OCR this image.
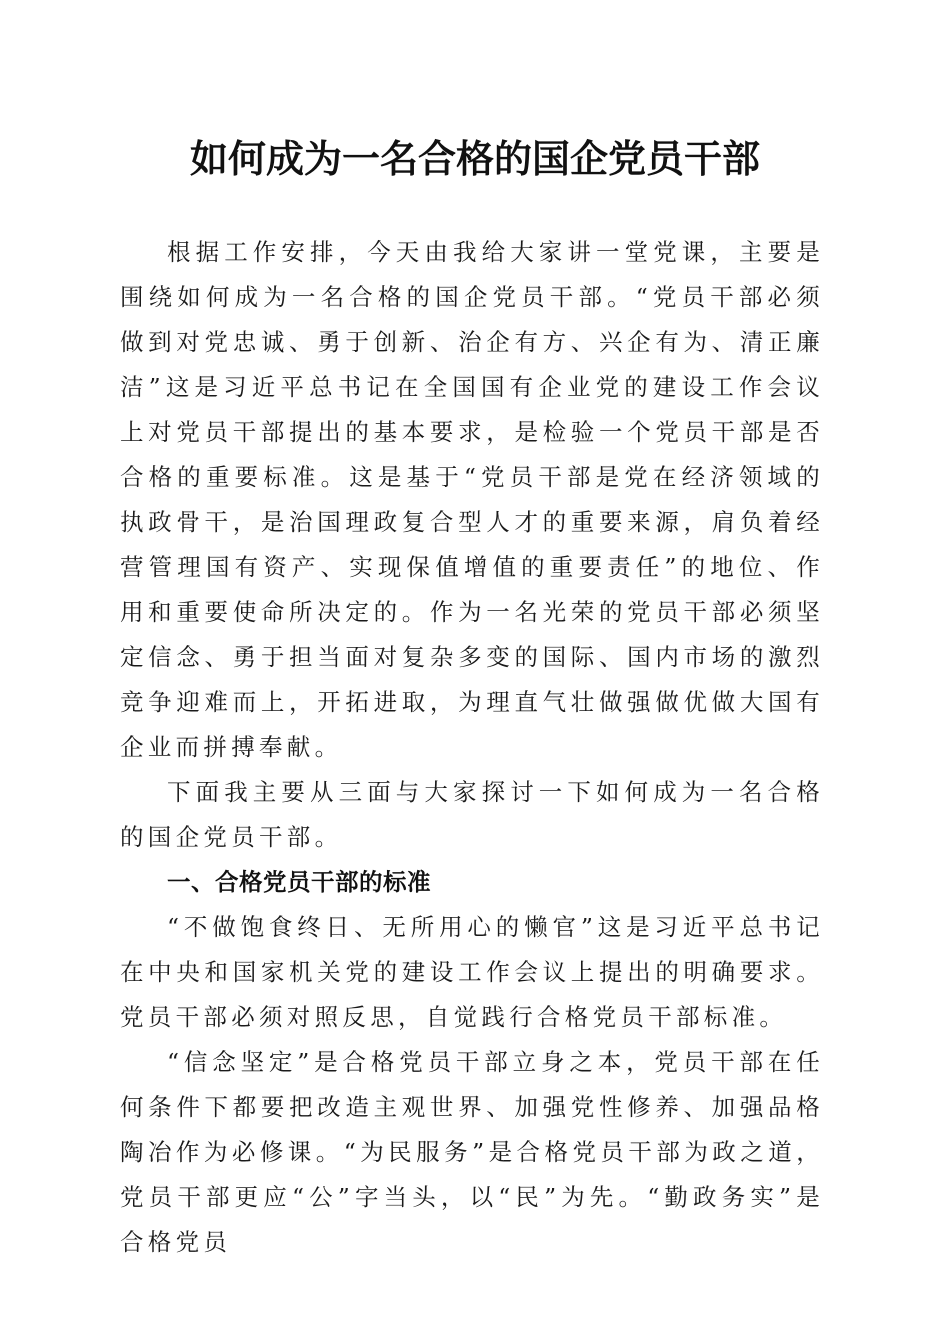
如何成为一名合格的国企党员干部

根据工作安排，今天由我给大家讲一堂党课，主要是围绕如何成为一名合格的国企党员干部。“党员干部必须做到对党忠诚、勇于创新、治企有方、兴企有为、清正廉洁”这是习近平总书记在全国国有企业党的建设工作会议上对党员干部提出的基本要求，是检验一个党员干部是否合格的重要标准。这是基于“党员干部是党在经济领域的执政骨干，是治国理政复合型人才的重要来源，肩负着经营管理国有资产、实现保值增值的重要责任”的地位、作用和重要使命所决定的。作为一名光荣的党员干部必须坚定信念、勇于担当面对复杂多变的国际、国内市场的激烈竞争迎难而上，开拓进取，为理直气壮做强做优做大国有企业而拼搏奉献。

下面我主要从三面与大家探讨一下如何成为一名合格的国企党员干部。

一、合格党员干部的标准

“不做饱食终日、无所用心的懒官”这是习近平总书记在中央和国家机关党的建设工作会议上提出的明确要求。党员干部必须对照反思，自觉践行合格党员干部标准。

“信念坚定”是合格党员干部立身之本，党员干部在任何条件下都要把改造主观世界、加强党性修养、加强品格陶冶作为必修课。“为民服务”是合格党员干部为政之道，党员干部更应“公”字当头，以“民”为先。“勤政务实”是合格党员
